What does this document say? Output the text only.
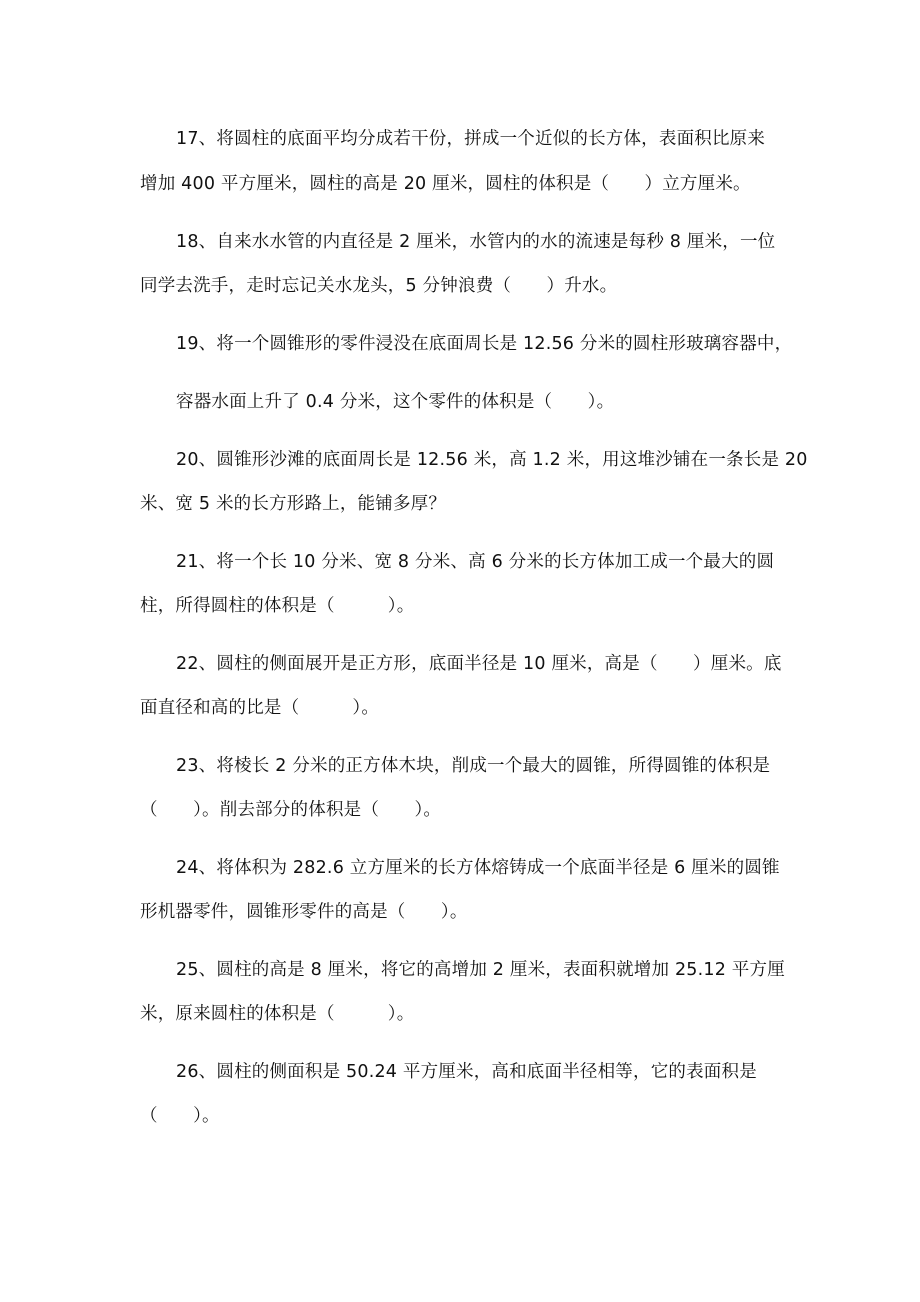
17、将圆柱的底面平均分成若干份，拼成一个近似的长方体，表面积比原来
增加 400 平方厘米，圆柱的高是 20 厘米，圆柱的体积是（　　）立方厘米。
18、自来水水管的内直径是 2 厘米，水管内的水的流速是每秒 8 厘米，一位
同学去洗手，走时忘记关水龙头，5 分钟浪费（　　）升水。
19、将一个圆锥形的零件浸没在底面周长是 12.56 分米的圆柱形玻璃容器中，
容器水面上升了 0.4 分米，这个零件的体积是（　　）。
20、圆锥形沙滩的底面周长是 12.56 米，高 1.2 米，用这堆沙铺在一条长是 20
米、宽 5 米的长方形路上，能铺多厚？
21、将一个长 10 分米、宽 8 分米、高 6 分米的长方体加工成一个最大的圆
柱，所得圆柱的体积是（　　　）。
22、圆柱的侧面展开是正方形，底面半径是 10 厘米，高是（　　）厘米。底
面直径和高的比是（　　　）。
23、将棱长 2 分米的正方体木块，削成一个最大的圆锥，所得圆锥的体积是
（　　）。削去部分的体积是（　　）。
24、将体积为 282.6 立方厘米的长方体熔铸成一个底面半径是 6 厘米的圆锥
形机器零件，圆锥形零件的高是（　　）。
25、圆柱的高是 8 厘米，将它的高增加 2 厘米，表面积就增加 25.12 平方厘
米，原来圆柱的体积是（　　　）。
26、圆柱的侧面积是 50.24 平方厘米，高和底面半径相等，它的表面积是
（　　）。
